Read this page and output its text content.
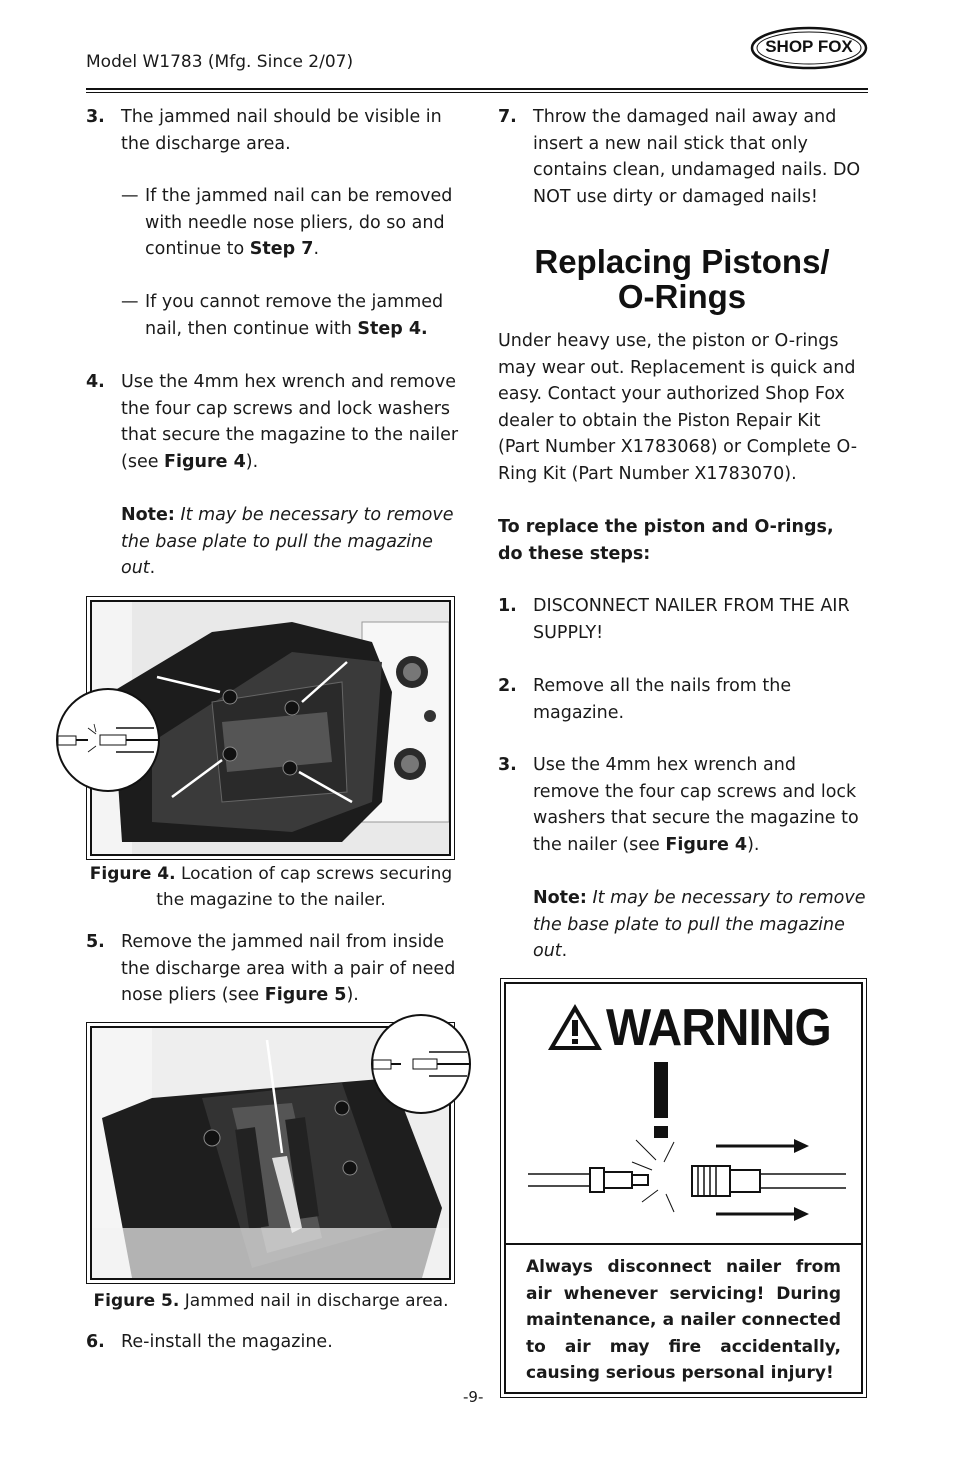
Model W1783 (Mfg. Since 2/07)
SHOP FOX
3. The jammed nail should be visible in the discharge area.
— If the jammed nail can be removed with needle nose pliers, do so and continue to Step 7.
— If you cannot remove the jammed nail, then continue with Step 4.
4. Use the 4mm hex wrench and remove the four cap screws and lock washers that secure the magazine to the nailer (see Figure 4).
Note: It may be necessary to remove the base plate to pull the magazine out.
Figure 4. Location of cap screws securing
the magazine to the nailer.
5. Remove the jammed nail from inside the discharge area with a pair of need nose pliers (see Figure 5).
Figure 5. Jammed nail in discharge area.
6. Re-install the magazine.
7. Throw the damaged nail away and insert a new nail stick that only contains clean, undamaged nails. DO NOT use dirty or damaged nails!
Replacing Pistons/
O-Rings
Under heavy use, the piston or O-rings may wear out. Replacement is quick and easy. Contact your authorized Shop Fox dealer to obtain the Piston Repair Kit (Part Number X1783068) or Complete O-Ring Kit (Part Number X1783070).
To replace the piston and O-rings, do these steps:
1. DISCONNECT NAILER FROM THE AIR SUPPLY!
2. Remove all the nails from the magazine.
3. Use the 4mm hex wrench and remove the four cap screws and lock washers that secure the magazine to the nailer (see Figure 4).
Note: It may be necessary to remove the base plate to pull the magazine out.
WARNING
Always disconnect nailer from air whenever servicing! During maintenance, a nailer connected to air may fire accidentally, causing serious personal injury!
-9-
